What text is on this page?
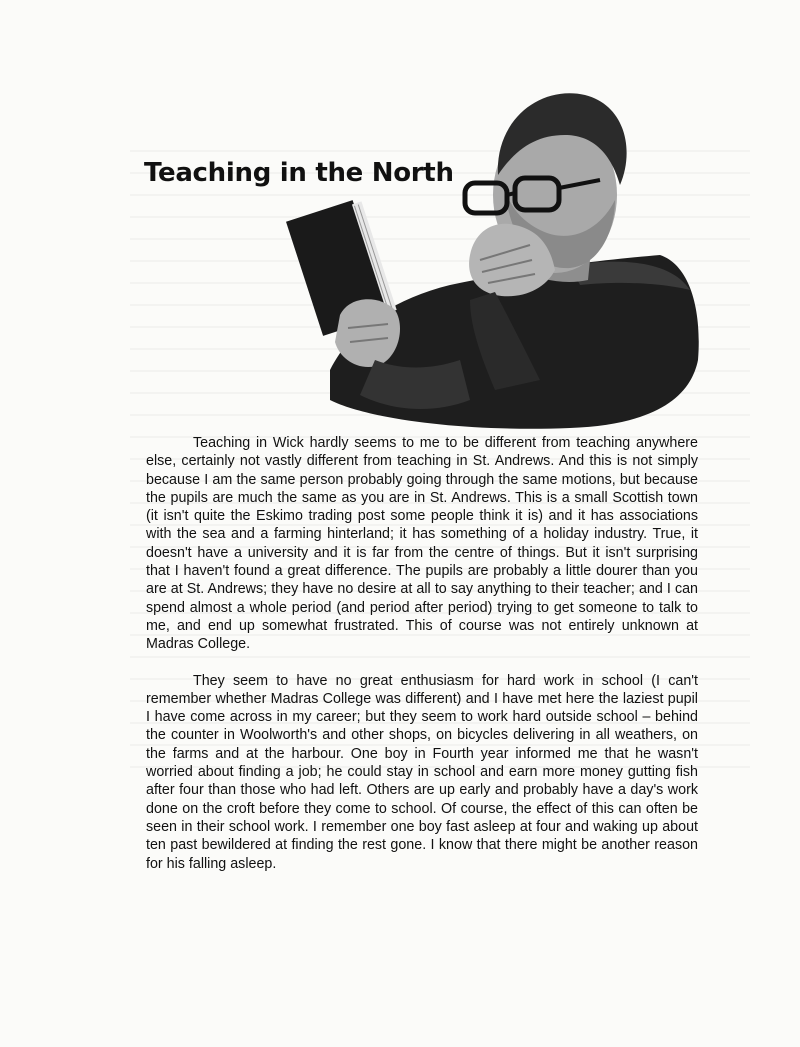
Teaching in the North

Teaching in Wick hardly seems to me to be different from teaching anywhere else, certainly not vastly different from teaching in St. Andrews. And this is not simply because I am the same person probably going through the same motions, but because the pupils are much the same as you are in St. Andrews. This is a small Scottish town (it isn't quite the Eskimo trading post some people think it is) and it has associations with the sea and a farming hinterland; it has something of a holiday industry. True, it doesn't have a university and it is far from the centre of things. But it isn't surprising that I haven't found a great difference. The pupils are probably a little dourer than you are at St. Andrews; they have no desire at all to say anything to their teacher; and I can spend almost a whole period (and period after period) trying to get someone to talk to me, and end up somewhat frustrated. This of course was not entirely unknown at Madras College.

They seem to have no great enthusiasm for hard work in school (I can't remember whether Madras College was different) and I have met here the laziest pupil I have come across in my career; but they seem to work hard outside school – behind the counter in Woolworth's and other shops, on bicycles delivering in all weathers, on the farms and at the harbour. One boy in Fourth year informed me that he wasn't worried about finding a job; he could stay in school and earn more money gutting fish after four than those who had left. Others are up early and probably have a day's work done on the croft before they come to school. Of course, the effect of this can often be seen in their school work. I remember one boy fast asleep at four and waking up about ten past bewildered at finding the rest gone. I know that there might be another reason for his falling asleep.
